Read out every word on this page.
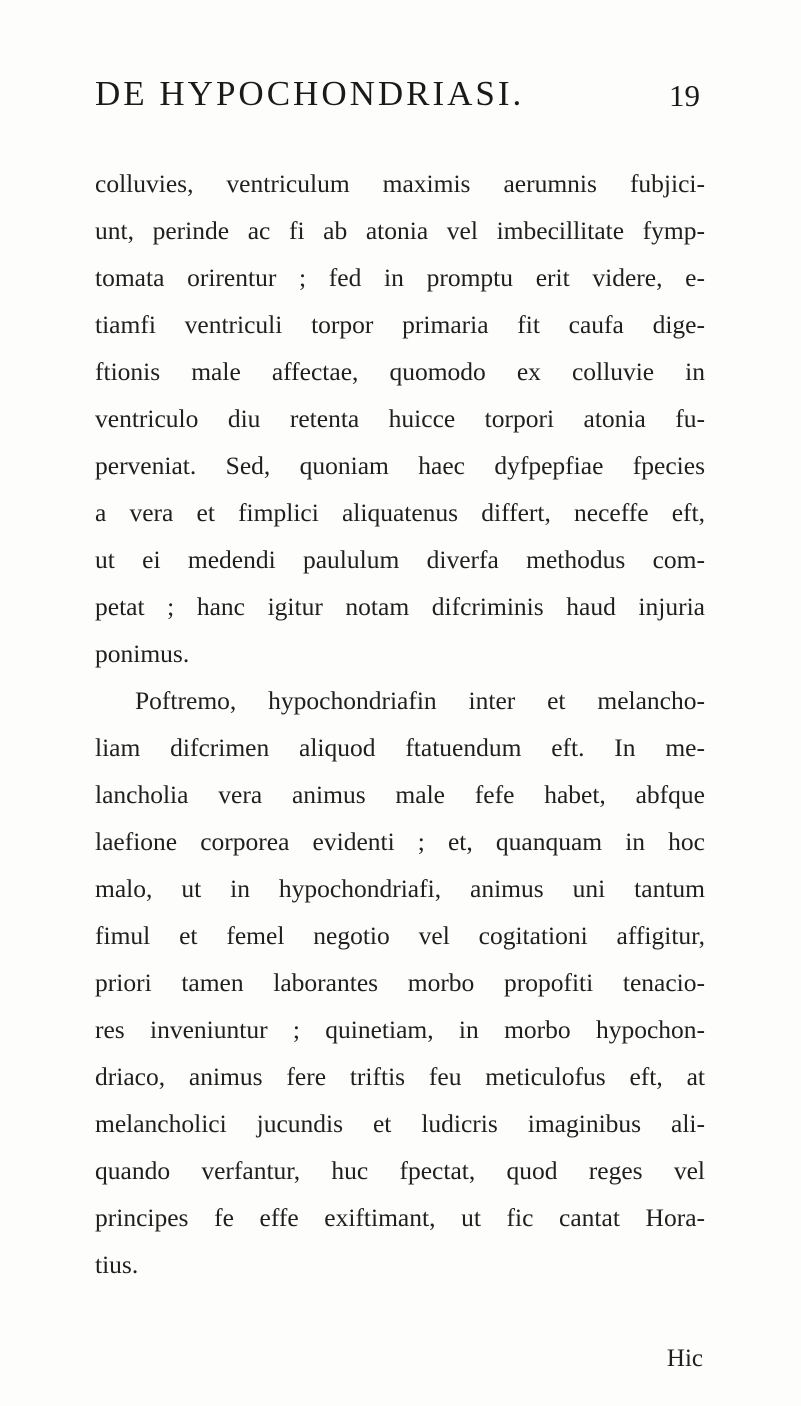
DE HYPOCHONDRIASI.	19
colluvies, ventriculum maximis aerumnis fubjici-
unt, perinde ac fi ab atonia vel imbecillitate fymp-
tomata orirentur ; fed in promptu erit videre, e-
tiamfi ventriculi torpor primaria fit caufa dige-
ftionis male affectae, quomodo ex colluvie in
ventriculo diu retenta huicce torpori atonia fu-
perveniat. Sed, quoniam haec dyfpepfiae fpecies
a vera et fimplici aliquatenus differt, neceffe eft,
ut ei medendi paululum diverfa methodus com-
petat ; hanc igitur notam difcriminis haud injuria
ponimus.
Poftremo, hypochondriafin inter et melancho-
liam difcrimen aliquod ftatuendum eft. In me-
lancholia vera animus male fefe habet, abfque
laefione corporea evidenti ; et, quanquam in hoc
malo, ut in hypochondriafi, animus uni tantum
fimul et femel negotio vel cogitationi affigitur,
priori tamen laborantes morbo propofiti tenacio-
res inveniuntur ; quinetiam, in morbo hypochon-
driaco, animus fere triftis feu meticulofus eft, at
melancholici jucundis et ludicris imaginibus ali-
quando verfantur, huc fpectat, quod reges vel
principes fe effe exiftimant, ut fic cantat Hora-
tius.
Hic
